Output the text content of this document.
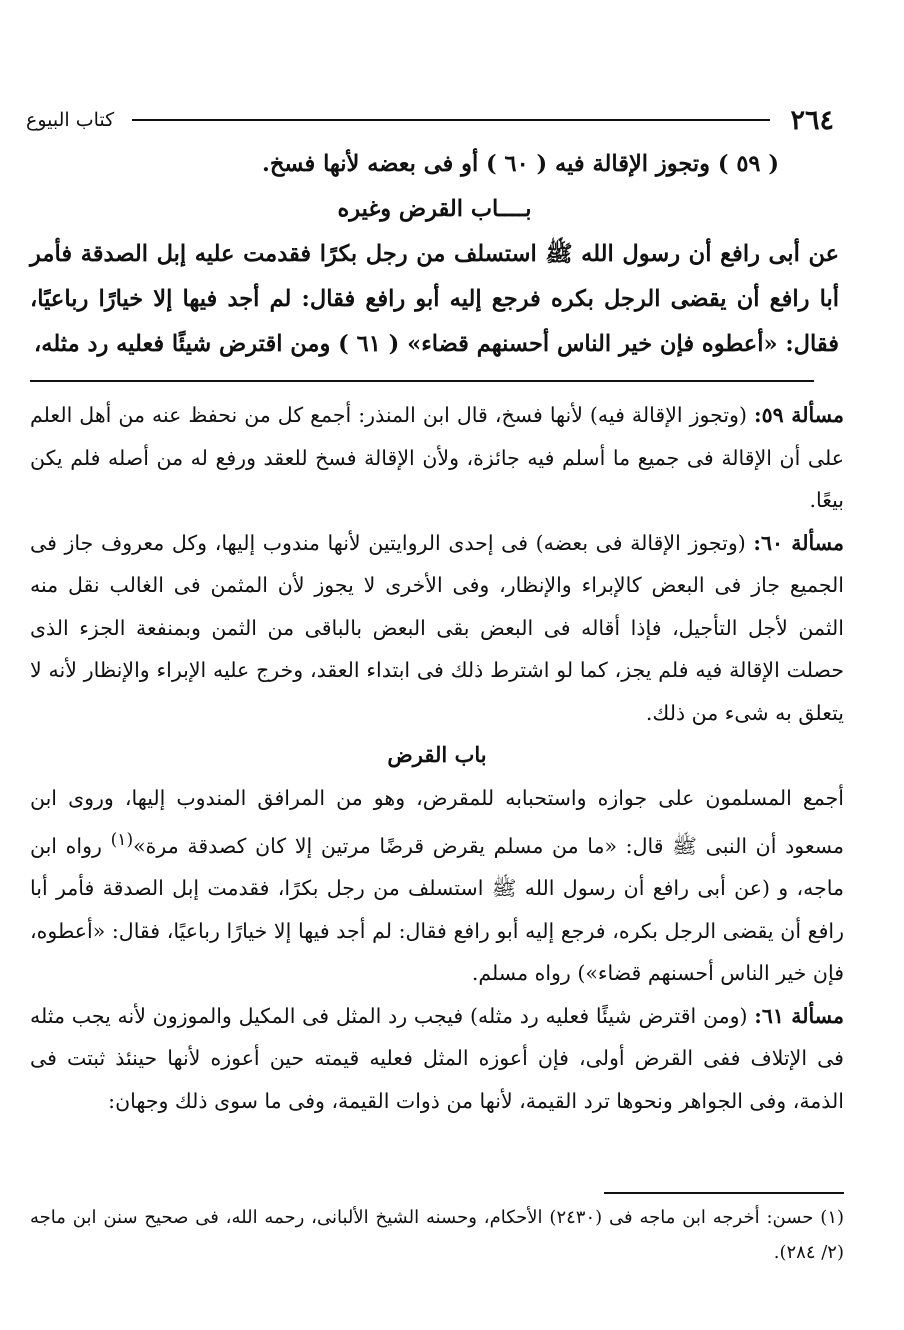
٢٦٤
كتاب البيوع

( ٥٩ ) وتجوز الإقالة فيه ( ٦٠ ) أو فى بعضه لأنها فسخ.

بــــاب القرض وغيره

عن أبى رافع أن رسول الله ﷺ استسلف من رجل بكرًا فقدمت عليه إبل الصدقة فأمر أبا رافع أن يقضى الرجل بكره فرجع إليه أبو رافع فقال: لم أجد فيها إلا خيارًا رباعيًا، فقال: «أعطوه فإن خير الناس أحسنهم قضاء» ( ٦١ ) ومن اقترض شيئًا فعليه رد مثله،

مسألة ٥٩: (وتجوز الإقالة فيه) لأنها فسخ، قال ابن المنذر: أجمع كل من نحفظ عنه من أهل العلم على أن الإقالة فى جميع ما أسلم فيه جائزة، ولأن الإقالة فسخ للعقد ورفع له من أصله فلم يكن بيعًا.

مسألة ٦٠: (وتجوز الإقالة فى بعضه) فى إحدى الروايتين لأنها مندوب إليها، وكل معروف جاز فى الجميع جاز فى البعض كالإبراء والإنظار، وفى الأخرى لا يجوز لأن المثمن فى الغالب نقل منه الثمن لأجل التأجيل، فإذا أقاله فى البعض بقى البعض بالباقى من الثمن وبمنفعة الجزء الذى حصلت الإقالة فيه فلم يجز، كما لو اشترط ذلك فى ابتداء العقد، وخرج عليه الإبراء والإنظار لأنه لا يتعلق به شىء من ذلك.

باب القرض

أجمع المسلمون على جوازه واستحبابه للمقرض، وهو من المرافق المندوب إليها، وروى ابن مسعود أن النبى ﷺ قال: «ما من مسلم يقرض قرضًا مرتين إلا كان كصدقة مرة»$^{(١)}$ رواه ابن ماجه، و (عن أبى رافع أن رسول الله ﷺ استسلف من رجل بكرًا، فقدمت إبل الصدقة فأمر أبا رافع أن يقضى الرجل بكره، فرجع إليه أبو رافع فقال: لم أجد فيها إلا خيارًا رباعيًا، فقال: «أعطوه، فإن خير الناس أحسنهم قضاء») رواه مسلم.

مسألة ٦١: (ومن اقترض شيئًا فعليه رد مثله) فيجب رد المثل فى المكيل والموزون لأنه يجب مثله فى الإتلاف ففى القرض أولى، فإن أعوزه المثل فعليه قيمته حين أعوزه لأنها حينئذ ثبتت فى الذمة، وفى الجواهر ونحوها ترد القيمة، لأنها من ذوات القيمة، وفى ما سوى ذلك وجهان:

(١) حسن: أخرجه ابن ماجه فى (٢٤٣٠) الأحكام، وحسنه الشيخ الألبانى، رحمه الله، فى صحيح سنن ابن ماجه (٢/ ٢٨٤).
